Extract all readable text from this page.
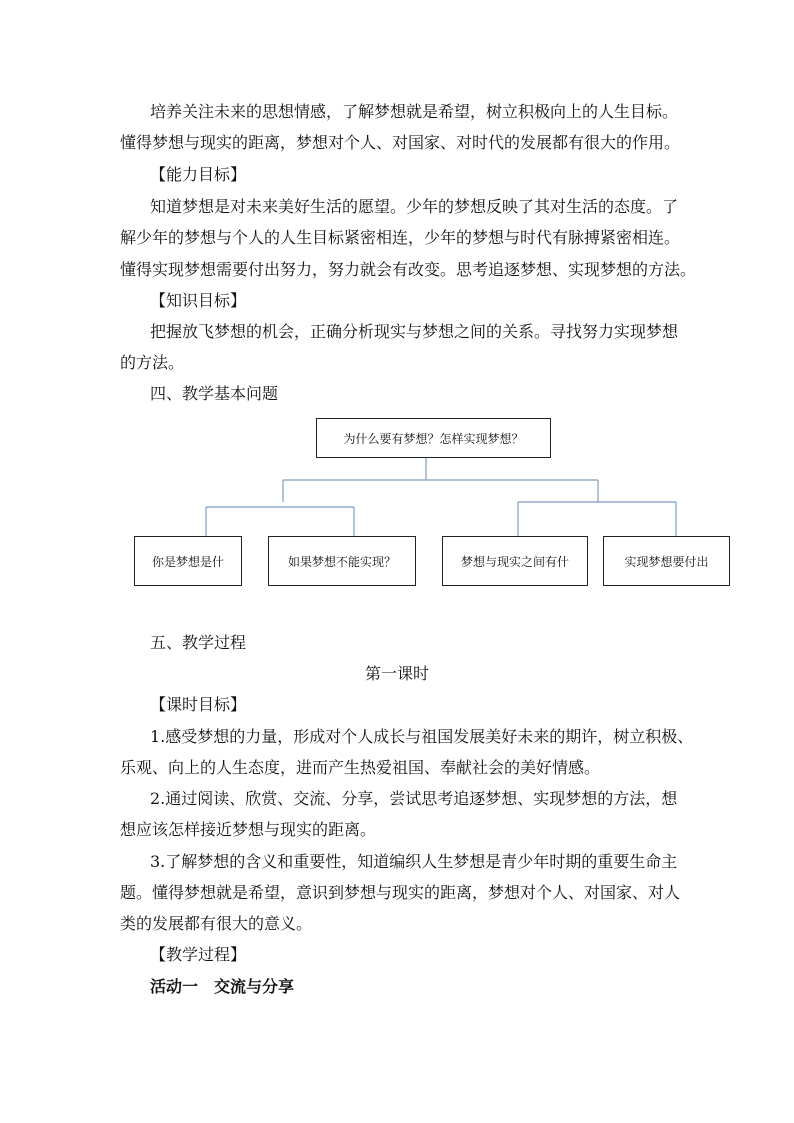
培养关注未来的思想情感，了解梦想就是希望，树立积极向上的人生目标。
懂得梦想与现实的距离，梦想对个人、对国家、对时代的发展都有很大的作用。
【能力目标】
知道梦想是对未来美好生活的愿望。少年的梦想反映了其对生活的态度。了
解少年的梦想与个人的人生目标紧密相连，少年的梦想与时代有脉搏紧密相连。
懂得实现梦想需要付出努力，努力就会有改变。思考追逐梦想、实现梦想的方法。
【知识目标】
把握放飞梦想的机会，正确分析现实与梦想之间的关系。寻找努力实现梦想
的方法。
四、教学基本问题
为什么要有梦想？怎样实现梦想？
你是梦想是什	如果梦想不能实现？	梦想与现实之间有什	实现梦想要付出
五、教学过程
第一课时
【课时目标】
1.感受梦想的力量，形成对个人成长与祖国发展美好未来的期许，树立积极、
乐观、向上的人生态度，进而产生热爱祖国、奉献社会的美好情感。
2.通过阅读、欣赏、交流、分享，尝试思考追逐梦想、实现梦想的方法，想
想应该怎样接近梦想与现实的距离。
3.了解梦想的含义和重要性，知道编织人生梦想是青少年时期的重要生命主
题。懂得梦想就是希望，意识到梦想与现实的距离，梦想对个人、对国家、对人
类的发展都有很大的意义。
【教学过程】
活动一　交流与分享
